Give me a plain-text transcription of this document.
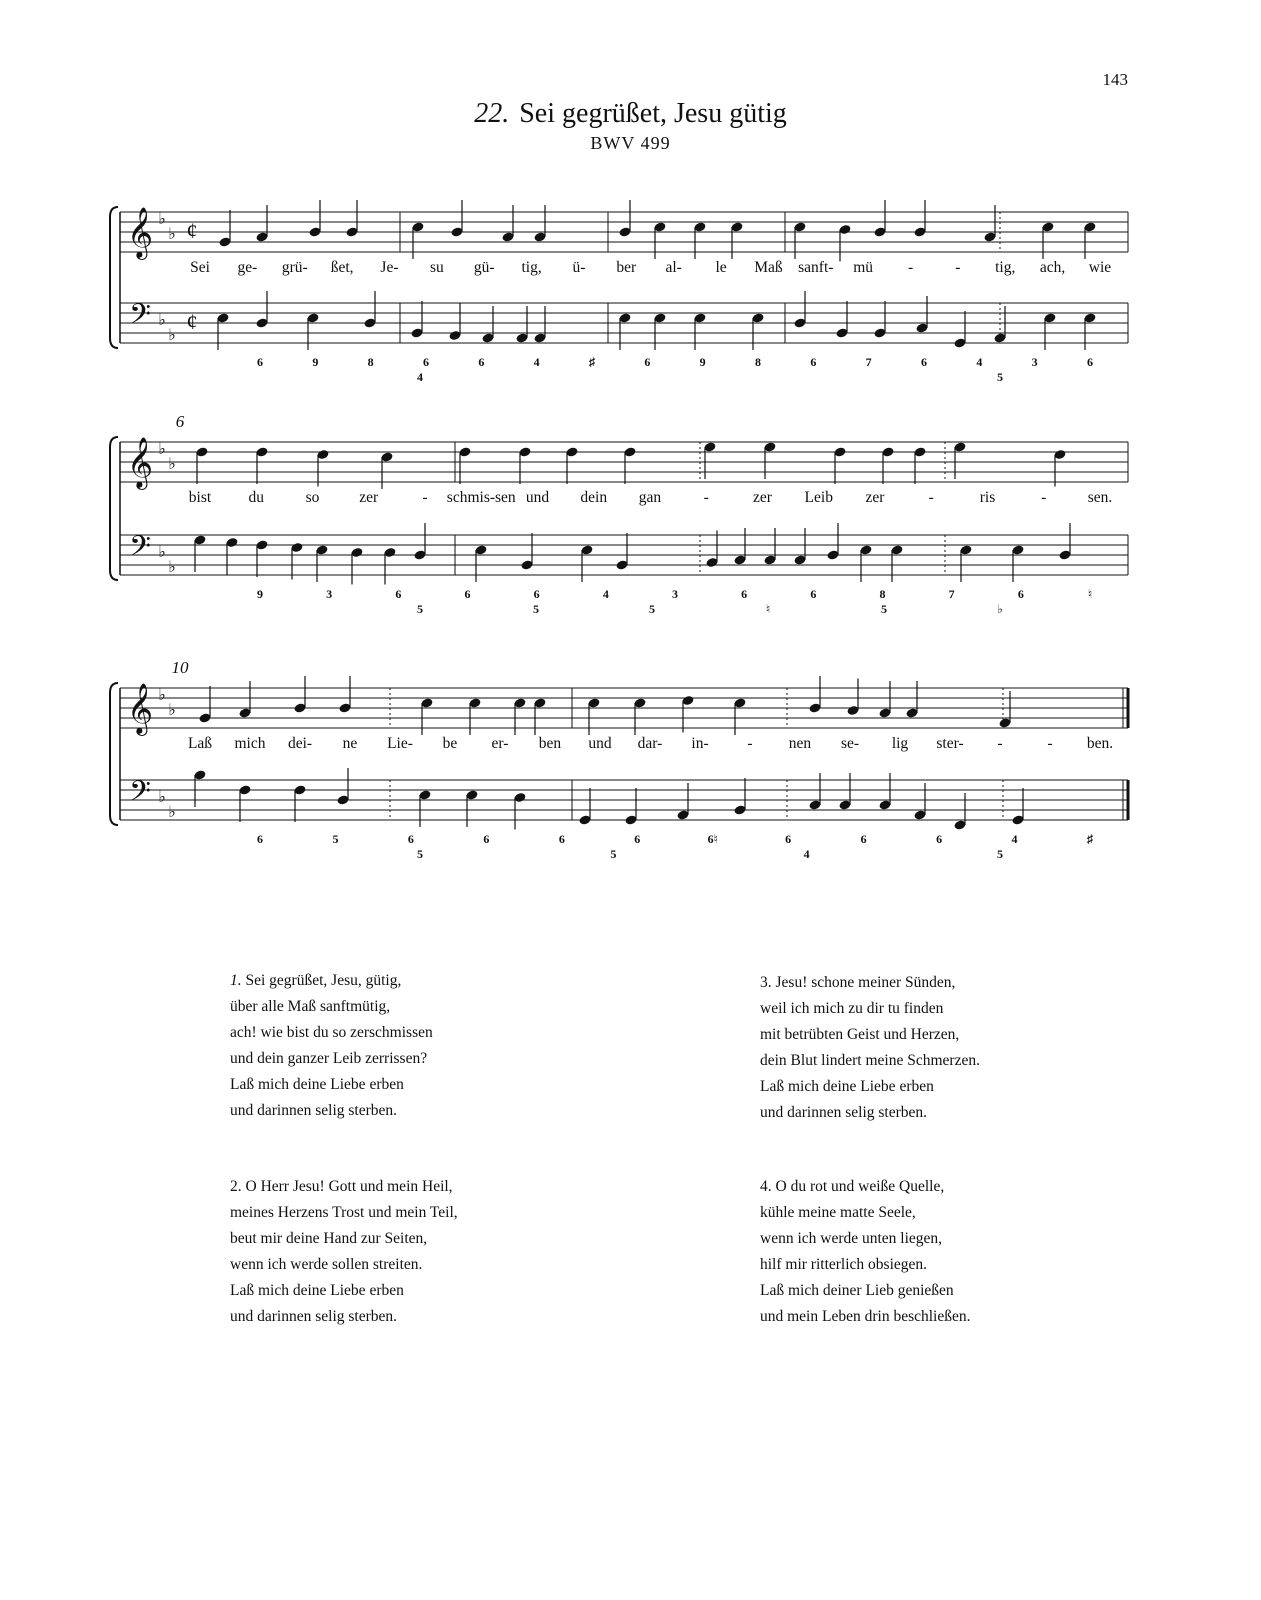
143
22. Sei gegrüßet, Jesu gütig
BWV 499
𝄞 ♭
♭ ¢
𝄢 ♭
♭
¢
Sei ge- grü- ßet, Je- su gü- tig, ü- ber al- le Maß sanft- mü -	- tig, ach, wie
6	9	8	6	6	4	♯	6	9	8	6	7	6	4	3	6
4	5
𝄞 ♭
♭
𝄢 ♭
♭
6
bist du	so	zer	- schmis-sen und dein gan	-	zer Leib zer	-	ris	-	sen.
9	3	6	6	6	4	3	6	6	8	7	6	♮
5	5	5	♮	5	♭
𝄞 ♭
♭
𝄢 ♭
♭
10
Laß mich dei- ne Lie- be er- ben und dar- in-	- nen se- lig ster- -	- ben.
6	5	6	6	6	6	6♮	6	6	6	4	♯
5	5	4	5
1. Sei gegrüßet, Jesu, gütig,
über alle Maß sanftmütig,
ach! wie bist du so zerschmissen
und dein ganzer Leib zerrissen?
Laß mich deine Liebe erben
und darinnen selig sterben.
2. O Herr Jesu! Gott und mein Heil,
meines Herzens Trost und mein Teil,
beut mir deine Hand zur Seiten,
wenn ich werde sollen streiten.
Laß mich deine Liebe erben
und darinnen selig sterben.
3. Jesu! schone meiner Sünden,
weil ich mich zu dir tu finden
mit betrübten Geist und Herzen,
dein Blut lindert meine Schmerzen.
Laß mich deine Liebe erben
und darinnen selig sterben.
4. O du rot und weiße Quelle,
kühle meine matte Seele,
wenn ich werde unten liegen,
hilf mir ritterlich obsiegen.
Laß mich deiner Lieb genießen
und mein Leben drin beschließen.
